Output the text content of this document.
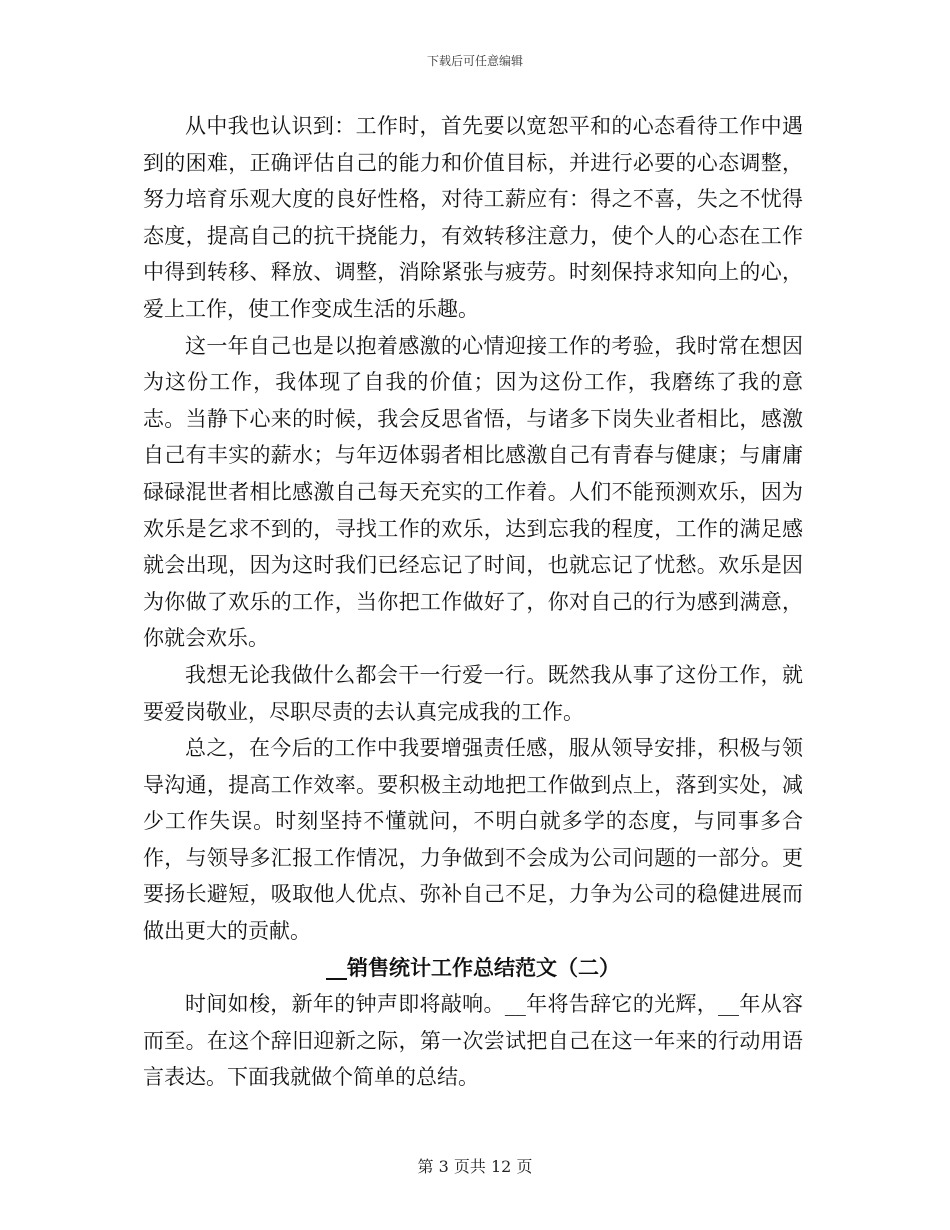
下载后可任意编辑

从中我也认识到：工作时，首先要以宽恕平和的心态看待工作中遇到的困难，正确评估自己的能力和价值目标，并进行必要的心态调整，努力培育乐观大度的良好性格，对待工薪应有：得之不喜，失之不忧得态度，提高自己的抗干挠能力，有效转移注意力，使个人的心态在工作中得到转移、释放、调整，消除紧张与疲劳。时刻保持求知向上的心，爱上工作，使工作变成生活的乐趣。

这一年自己也是以抱着感激的心情迎接工作的考验，我时常在想因为这份工作，我体现了自我的价值；因为这份工作，我磨练了我的意志。当静下心来的时候，我会反思省悟，与诸多下岗失业者相比，感激自己有丰实的薪水；与年迈体弱者相比感激自己有青春与健康；与庸庸碌碌混世者相比感激自己每天充实的工作着。人们不能预测欢乐，因为欢乐是乞求不到的，寻找工作的欢乐，达到忘我的程度，工作的满足感就会出现，因为这时我们已经忘记了时间，也就忘记了忧愁。欢乐是因为你做了欢乐的工作，当你把工作做好了，你对自己的行为感到满意，你就会欢乐。

我想无论我做什么都会干一行爱一行。既然我从事了这份工作，就要爱岗敬业，尽职尽责的去认真完成我的工作。

总之，在今后的工作中我要增强责任感，服从领导安排，积极与领导沟通，提高工作效率。要积极主动地把工作做到点上，落到实处，减少工作失误。时刻坚持不懂就问，不明白就多学的态度，与同事多合作，与领导多汇报工作情况，力争做到不会成为公司问题的一部分。更要扬长避短，吸取他人优点、弥补自己不足，力争为公司的稳健进展而做出更大的贡献。

__销售统计工作总结范文（二）

时间如梭，新年的钟声即将敲响。__年将告辞它的光辉，__年从容而至。在这个辞旧迎新之际，第一次尝试把自己在这一年来的行动用语言表达。下面我就做个简单的总结。

第 3 页共 12 页
